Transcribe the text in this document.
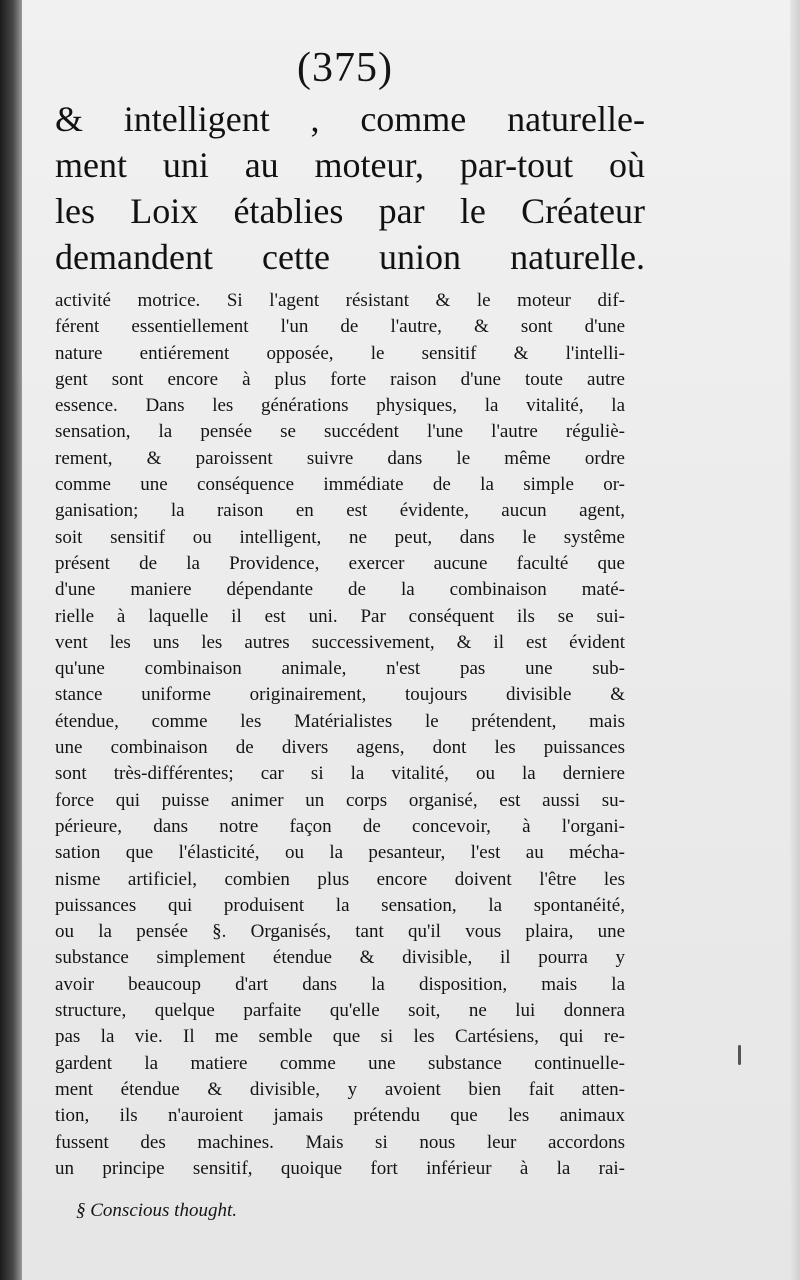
(375)
& intelligent , comme naturelle-
ment uni au moteur, par-tout où
les Loix établies par le Créateur
demandent cette union naturelle.
activité motrice. Si l'agent résistant & le moteur dif-
férent essentiellement l'un de l'autre, & sont d'une
nature entiérement opposée, le sensitif & l'intelli-
gent sont encore à plus forte raison d'une toute autre
essence. Dans les générations physiques, la vitalité, la
sensation, la pensée se succédent l'une l'autre réguliè-
rement, & paroissent suivre dans le même ordre
comme une conséquence immédiate de la simple or-
ganisation; la raison en est évidente, aucun agent,
soit sensitif ou intelligent, ne peut, dans le systême
présent de la Providence, exercer aucune faculté que
d'une maniere dépendante de la combinaison maté-
rielle à laquelle il est uni. Par conséquent ils se sui-
vent les uns les autres successivement, & il est évident
qu'une combinaison animale, n'est pas une sub-
stance uniforme originairement, toujours divisible &
étendue, comme les Matérialistes le prétendent, mais
une combinaison de divers agens, dont les puissances
sont très-différentes; car si la vitalité, ou la derniere
force qui puisse animer un corps organisé, est aussi su-
périeure, dans notre façon de concevoir, à l'organi-
sation que l'élasticité, ou la pesanteur, l'est au mécha-
nisme artificiel, combien plus encore doivent l'être les
puissances qui produisent la sensation, la spontanéité,
ou la pensée §. Organisés, tant qu'il vous plaira, une
substance simplement étendue & divisible, il pourra y
avoir beaucoup d'art dans la disposition, mais la
structure, quelque parfaite qu'elle soit, ne lui donnera
pas la vie. Il me semble que si les Cartésiens, qui re-
gardent la matiere comme une substance continuelle-
ment étendue & divisible, y avoient bien fait atten-
tion, ils n'auroient jamais prétendu que les animaux
fussent des machines. Mais si nous leur accordons
un principe sensitif, quoique fort inférieur à la rai-
§ Conscious thought.
